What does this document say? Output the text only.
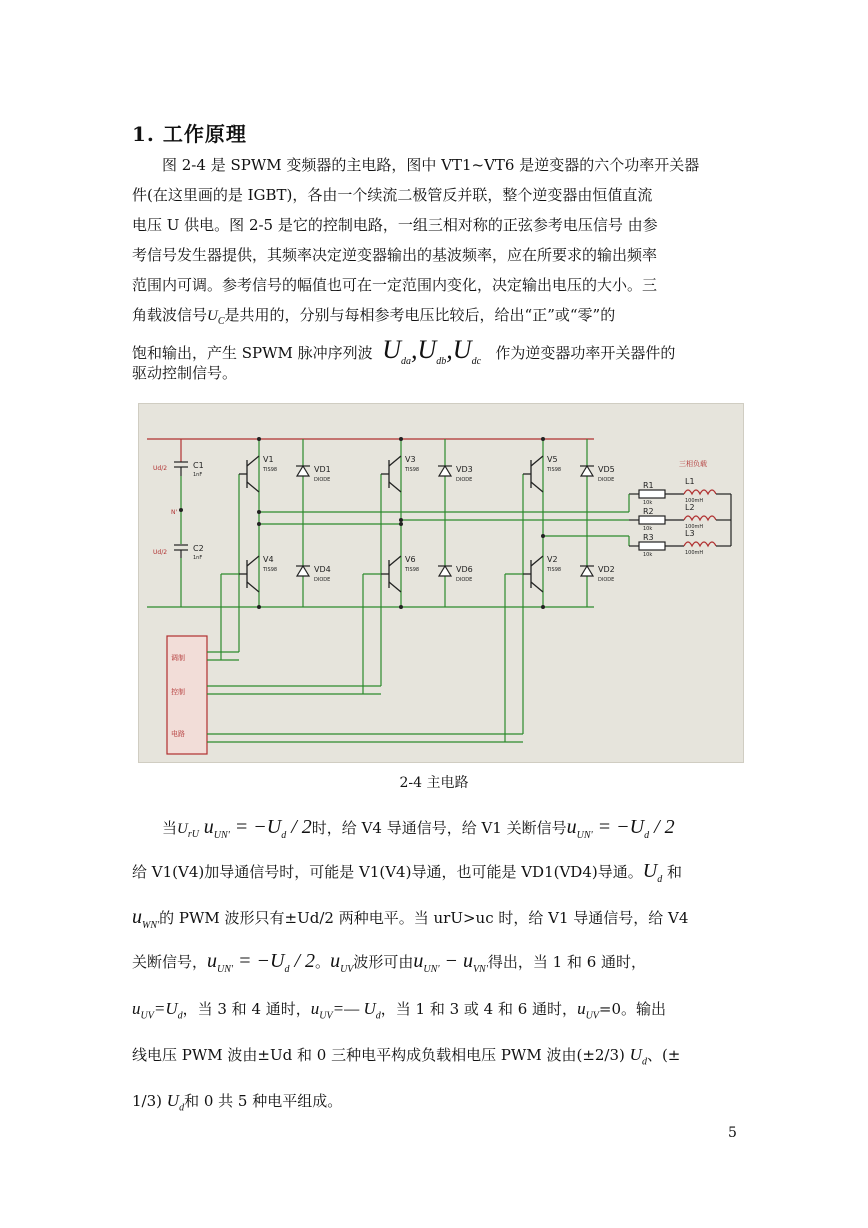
1. 工作原理
图 2-4 是 SPWM 变频器的主电路，图中 VT1~VT6 是逆变器的六个功率开关器
件(在这里画的是 IGBT)，各由一个续流二极管反并联，整个逆变器由恒值直流
电压 U 供电。图 2-5 是它的控制电路，一组三相对称的正弦参考电压信号 由参
考信号发生器提供，其频率决定逆变器输出的基波频率，应在所要求的输出频率
范围内可调。参考信号的幅值也可在一定范围内变化，决定输出电压的大小。三
角载波信号$U_C$是共用的，分别与每相参考电压比较后，给出“正”或“零”的
饱和输出，产生 SPWM 脉冲序列波 $U_{da},U_{db},U_{dc}$ 作为逆变器功率开关器件的
驱动控制信号。
V1
TIS98
V4
TIS98
V3
TIS98
V6
TIS98
V5
TIS98
V2
TIS98
VD1
DIODE
VD4
DIODE
VD3
DIODE
VD6
DIODE
VD5
DIODE
VD2
DIODE
C1
1nF
C2
1nF
Ud/2
Ud/2
N'
R1
10k
R2
10k
R3
10k
L1
100mH
L2
100mH
L3
100mH
三相负载
调制
控制
电路
2-4 主电路
当$U_{rU}$ $u_{UN'} = -U_d / 2$时，给 V4 导通信号，给 V1 关断信号$u_{UN'} = -U_d / 2$
给 V1(V4)加导通信号时，可能是 V1(V4)导通，也可能是 VD1(VD4)导通。$U_d$ 和
$u_{WN'}$的 PWM 波形只有±Ud/2 两种电平。当 urU>uc 时，给 V1 导通信号，给 V4
关断信号，$u_{UN'} = -U_d / 2$。$u_{UV}$波形可由$u_{UN'} - u_{VN'}$得出，当 1 和 6 通时，
$u_{UV}=U_d$，当 3 和 4 通时，$u_{UV}=—$ $U_d$，当 1 和 3 或 4 和 6 通时，$u_{UV}=0$。输出
线电压 PWM 波由±Ud 和 0 三种电平构成负载相电压 PWM 波由(±2/3) $U_d$、(±
1/3) $U_d$和 0 共 5 种电平组成。
5
